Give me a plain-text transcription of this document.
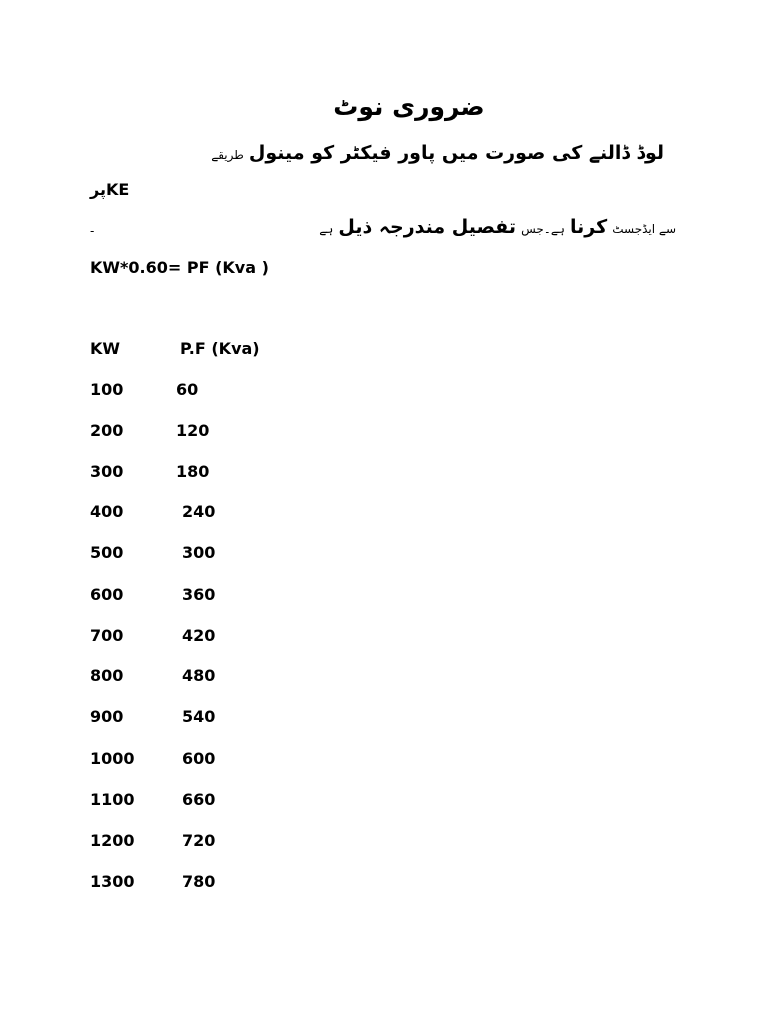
ضروری نوٹ
لوڈ ڈالنے کی صورت میں پاور فیکٹر کو مینول طریقے
KEپر
سے ایڈجسٹ کرنا ہے۔جس تفصیل مندرجہ ذیل ہے
-
KW*0.60= PF (Kva )
KW	P.F (Kva)
100	60
200	120
300	180
400	240
500	300
600	360
700	420
800	480
900	540
1000	600
1100	660
1200	720
1300	780
